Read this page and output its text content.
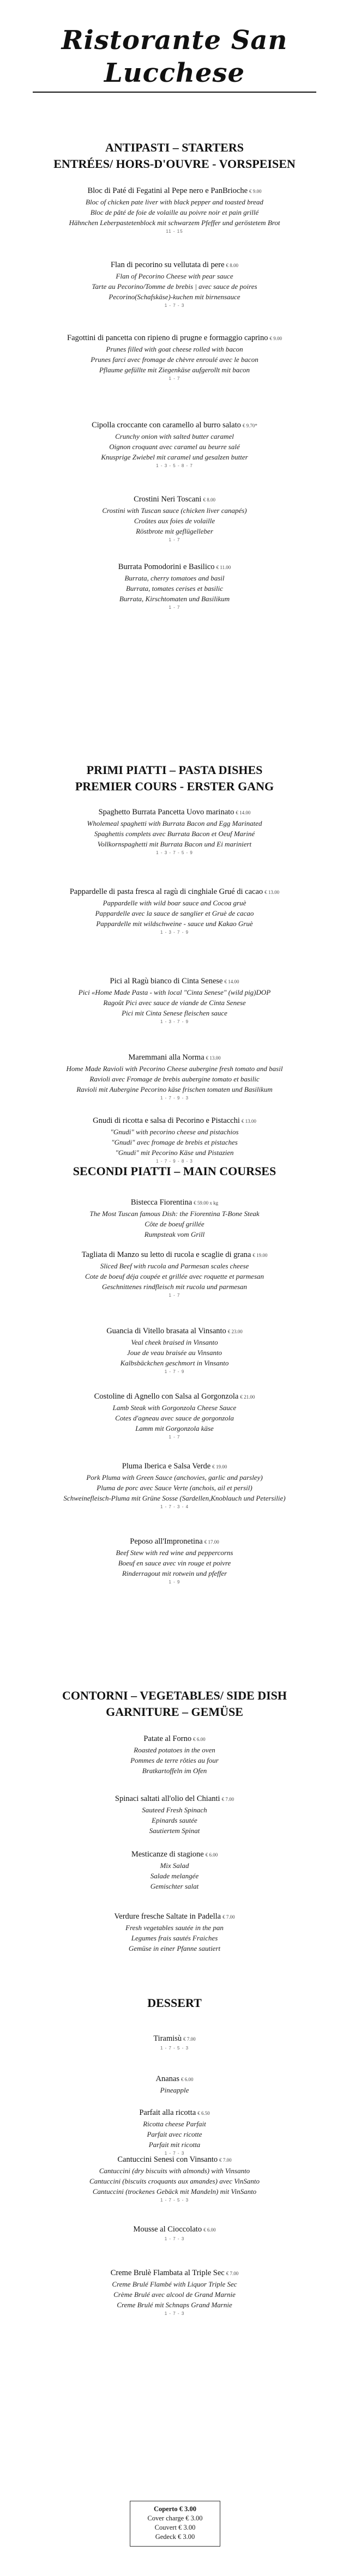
Ristorante San Lucchese
ANTIPASTI – STARTERS
ENTRÉES/ HORS-D'OUVRE - VORSPEISEN
Bloc di Paté di Fegatini al Pepe nero e PanBrioche € 9.00
Bloc of chicken pate liver with black pepper and toasted bread
Bloc de pâté de foie de volaille au poivre noir et pain grillé
Hähnchen Leberpastetenblock mit schwarzem Pfeffer und geröstetem Brot
11 - 15
Flan di pecorino su vellutata di pere € 8.00
Flan of Pecorino Cheese with pear sauce
Tarte au Pecorino/Tomme de brebis | avec sauce de poires
Pecorino(Schafskäse)-kuchen mit birnensauce
1 - 7 - 3
Fagottini di pancetta con ripieno di prugne e formaggio caprino € 9.00
Prunes filled with goat cheese rolled with bacon
Prunes farci avec fromage de chèvre enroulé avec le bacon
Pflaume gefüllte mit Ziegenkäse aufgerollt mit bacon
1 - 7
Cipolla croccante con caramello al burro salato € 9.70*
Crunchy onion with salted butter caramel
Oignon croquant avec caramel au beurre salé
Knusprige Zwiebel mit caramel und gesalzen butter
1 - 3 - 5 - 8 - 7
Crostini Neri Toscani € 8.00
Crostini with Tuscan sauce (chicken liver canapés)
Croûtes aux foies de volaille
Röstbrote mit geflügelleber
1 - 7
Burrata Pomodorini e Basilico € 11.00
Burrata, cherry tomatoes and basil
Burrata, tomates cerises et basilic
Burrata, Kirschtomaten und Basilikum
1 - 7
PRIMI PIATTI – PASTA DISHES
PREMIER COURS - ERSTER GANG
Spaghetto Burrata Pancetta Uovo marinato € 14.00
Wholemeal spaghetti with Burrata Bacon and Egg Marinated
Spaghettis complets avec Burrata Bacon et Oeuf Mariné
Vollkornspaghetti mit Burrata Bacon und Ei mariniert
1 - 3 - 7 - 5 - 9
Pappardelle di pasta fresca al ragù di cinghiale Grué di cacao € 13.00
Pappardelle with wild boar sauce and Cocoa gruè
Pappardelle avec la sauce de sanglier et Gruè de cacao
Pappardelle mit wildschweine - sauce und Kakao Gruè
1 - 3 - 7 - 9
Pici al Ragù bianco di Cinta Senese € 14.00
Pici «Home Made Pasta - with local "Cinta Senese" (wild pig)DOP
Ragoût Pici avec sauce de viande de Cinta Senese
Pici mit Cinta Senese fleischen sauce
1 - 3 - 7 - 9
Maremmani alla Norma € 13.00
Home Made Ravioli with Pecorino Cheese aubergine fresh tomato and basil
Ravioli avec Fromage de brebis aubergine tomato et basilic
Ravioli mit Aubergine Pecorino käse frischen tomaten und Basilikum
1 - 7 - 9 - 3
Gnudi di ricotta e salsa di Pecorino e Pistacchi € 13.00
"Gnudi" with pecorino cheese and pistachios
"Gnudi" avec fromage de brebis et pistaches
"Gnudi" mit Pecorino Käse und Pistazien
1 - 7 - 9 - 8 - 3
SECONDI PIATTI – MAIN COURSES
Bistecca Fiorentina € 59.00 x kg
The Most Tuscan famous Dish: the Fiorentina T-Bone Steak
Côte de boeuf grillée
Rumpsteak vom Grill
Tagliata di Manzo su letto di rucola e scaglie di grana € 19.00
Sliced Beef with rucola and Parmesan scales cheese
Cote de boeuf déja coupée et grillée avec roquette et parmesan
Geschnittenes rindfleisch mit rucola und parmesan
1 - 7
Guancia di Vitello brasata al Vinsanto € 23.00
Veal cheek braised in Vinsanto
Joue de veau braisée au Vinsanto
Kalbsbäckchen geschmort in Vinsanto
1 - 7 - 9
Costoline di Agnello con Salsa al Gorgonzola € 21.00
Lamb Steak with Gorgonzola Cheese Sauce
Cotes d'agneau avec sauce de gorgonzola
Lamm mit Gorgonzola käse
1 - 7
Pluma Iberica e Salsa Verde € 19.00
Pork Pluma with Green Sauce (anchovies, garlic and parsley)
Pluma de porc avec Sauce Verte (anchois, ail et persil)
Schweinefleisch-Pluma mit Grüne Sosse (Sardellen,Knoblauch und Petersilie)
1 - 7 - 3 - 4
Peposo all'Impronetina € 17.00
Beef Stew with red wine and peppercorns
Boeuf en sauce avec vin rouge et poivre
Rinderragout mit rotwein und pfeffer
1 - 9
CONTORNI – VEGETABLES/ SIDE DISH
GARNITURE – GEMÜSE
Patate al Forno € 6.00
Roasted potatoes in the oven
Pommes de terre rôties au four
Bratkartoffeln im Ofen
Spinaci saltati all'olio del Chianti € 7.00
Sauteed Fresh Spinach
Epinards sautée
Sautiertem Spinat
Mesticanze di stagione € 6.00
Mix Salad
Salade melangée
Gemischter salat
Verdure fresche Saltate in Padella € 7.00
Fresh vegetables sautée in the pan
Legumes frais sautés Fraiches
Gemüse in einer Pfanne sautiert
DESSERT
Tiramisù € 7.00
1 - 7 - 5 - 3
Ananas € 6.00
Pineapple
Parfait alla ricotta € 6.50
Ricotta cheese Parfait
Parfait avec ricotte
Parfait mit ricotta
1 - 7 - 3
Cantuccini Senesi con Vinsanto € 7.00
Cantuccini (dry biscuits with almonds) with Vinsanto
Cantuccini (biscuits croquants aux amandes) avec VinSanto
Cantuccini (trockenes Gebäck mit Mandeln) mit VinSanto
1 - 7 - 5 - 3
Mousse al Cioccolato € 6.00
1 - 7 - 3
Creme Brulè Flambata al Triple Sec € 7.00
Creme Brulé Flambé with Liquor Triple Sec
Crème Brulé avec alcool de Grand Marnie
Creme Brulé mit Schnaps Grand Marnie
1 - 7 - 3
Coperto € 3.00
Cover charge € 3.00
Couvert € 3.00
Gedeck € 3.00
